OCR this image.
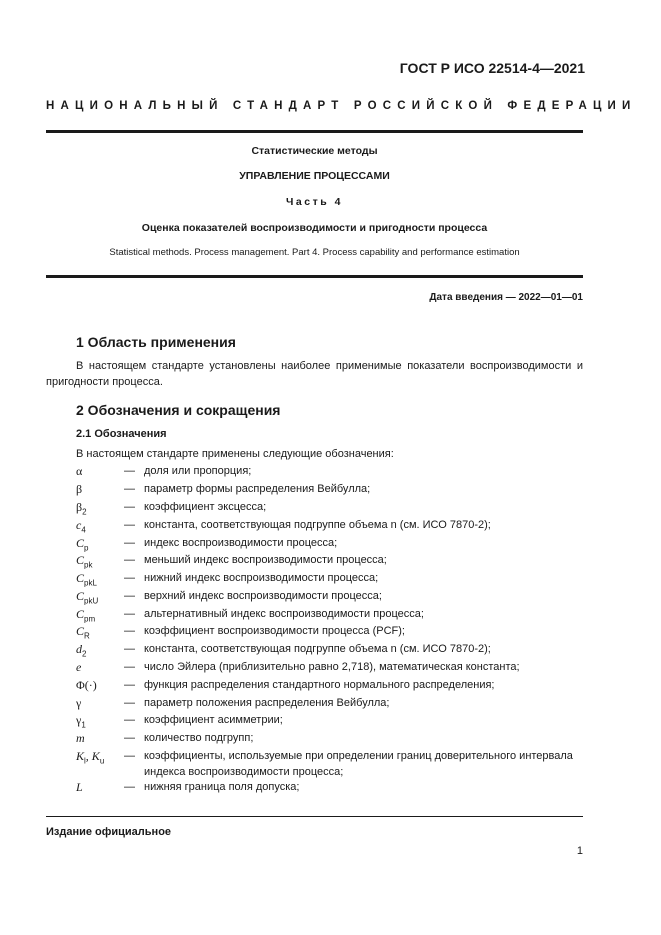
ГОСТ Р ИСО 22514-4—2021
НАЦИОНАЛЬНЫЙ СТАНДАРТ РОССИЙСКОЙ ФЕДЕРАЦИИ
Статистические методы
УПРАВЛЕНИЕ ПРОЦЕССАМИ
Часть 4
Оценка показателей воспроизводимости и пригодности процесса
Statistical methods. Process management. Part 4. Process capability and performance estimation
Дата введения — 2022—01—01
1 Область применения
В настоящем стандарте установлены наиболее применимые показатели воспроизводимости и пригодности процесса.
2 Обозначения и сокращения
2.1 Обозначения
В настоящем стандарте применены следующие обозначения:
α	— доля или пропорция;
β	— параметр формы распределения Вейбулла;
$\beta_2$	— коэффициент эксцесса;
$c_4$	— константа, соответствующая подгруппе объема n (см. ИСО 7870-2);
$C_p$	— индекс воспроизводимости процесса;
$C_{pk}$	— меньший индекс воспроизводимости процесса;
$C_{pkL}$	— нижний индекс воспроизводимости процесса;
$C_{pkU}$	— верхний индекс воспроизводимости процесса;
$C_{pm}$	— альтернативный индекс воспроизводимости процесса;
$C_R$	— коэффициент воспроизводимости процесса (PCF);
$d_2$	— константа, соответствующая подгруппе объема n (см. ИСО 7870-2);
e	— число Эйлера (приблизительно равно 2,718), математическая константа;
Φ(·)	— функция распределения стандартного нормального распределения;
γ	— параметр положения распределения Вейбулла;
$\gamma_1$	— коэффициент асимметрии;
m	— количество подгрупп;
$K_l$, $K_u$	— коэффициенты, используемые при определении границ доверительного интервала индекса воспроизводимости процесса;
L	— нижняя граница поля допуска;
Издание официальное
1
